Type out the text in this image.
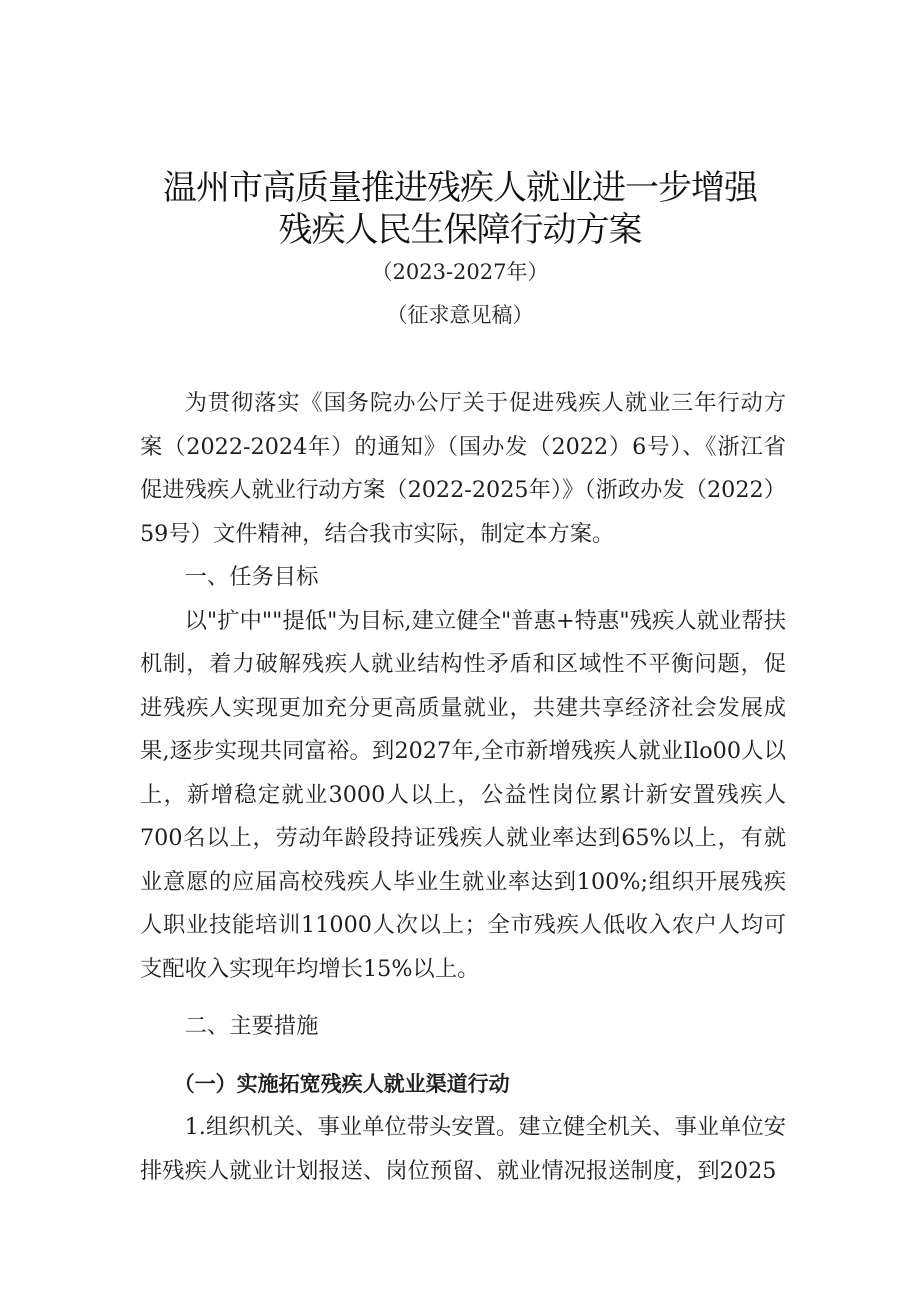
温州市高质量推进残疾人就业进一步增强
残疾人民生保障行动方案

（2023-2027年）

（征求意见稿）

为贯彻落实《国务院办公厅关于促进残疾人就业三年行动方案（2022-2024年）的通知》（国办发（2022）6号）、《浙江省促进残疾人就业行动方案（2022-2025年）》（浙政办发（2022）59号）文件精神，结合我市实际，制定本方案。

一、任务目标

以"扩中""提低"为目标,建立健全"普惠+特惠"残疾人就业帮扶机制，着力破解残疾人就业结构性矛盾和区域性不平衡问题，促进残疾人实现更加充分更高质量就业，共建共享经济社会发展成果,逐步实现共同富裕。到2027年,全市新增残疾人就业Ilo00人以上，新增稳定就业3000人以上，公益性岗位累计新安置残疾人700名以上，劳动年龄段持证残疾人就业率达到65%以上，有就业意愿的应届高校残疾人毕业生就业率达到100%;组织开展残疾人职业技能培训11000人次以上；全市残疾人低收入农户人均可支配收入实现年均增长15%以上。

二、主要措施

（一）实施拓宽残疾人就业渠道行动

1.组织机关、事业单位带头安置。建立健全机关、事业单位安排残疾人就业计划报送、岗位预留、就业情况报送制度，到2025
